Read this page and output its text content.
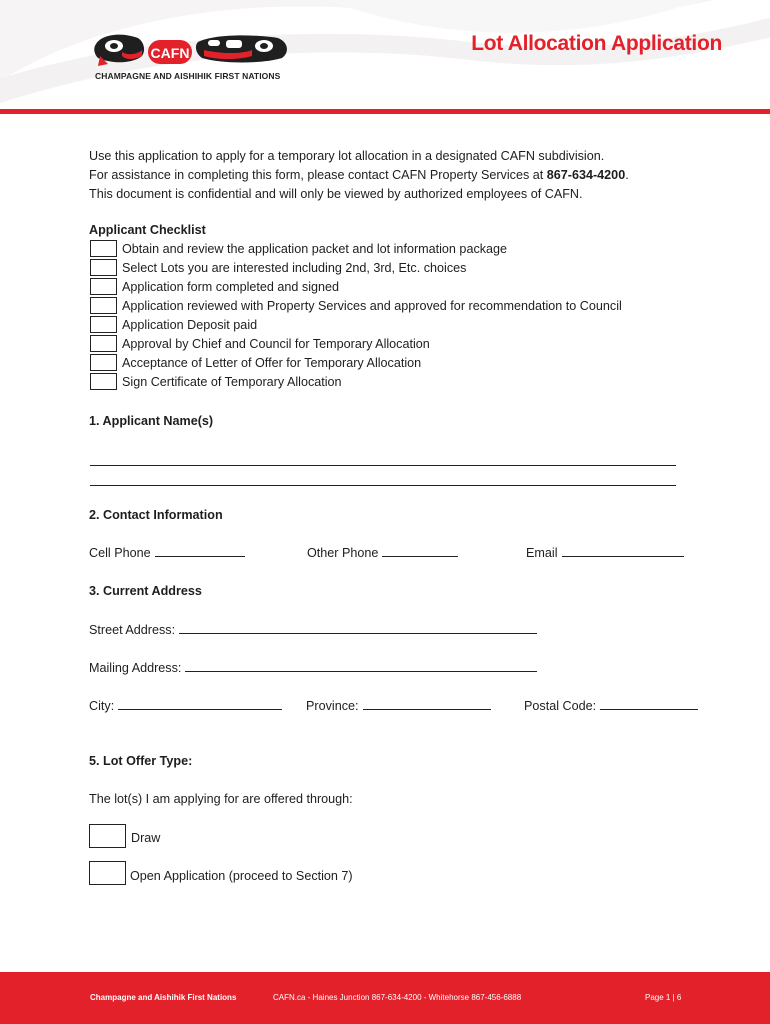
CAFN
CHAMPAGNE AND AISHIHIK FIRST NATIONS
Lot Allocation Application
Use this application to apply for a temporary lot allocation in a designated CAFN subdivision.
For assistance in completing this form, please contact CAFN Property Services at 867-634-4200.
This document is confidential and will only be viewed by authorized employees of CAFN.
Applicant Checklist
Obtain and review the application packet and lot information package
Select Lots you are interested including 2nd, 3rd, Etc. choices
Application form completed and signed
Application reviewed with Property Services and approved for recommendation to Council
Application Deposit paid
Approval by Chief and Council for Temporary Allocation
Acceptance of Letter of Offer for Temporary Allocation
Sign Certificate of Temporary Allocation
1. Applicant Name(s)
2. Contact Information
Cell Phone	Other Phone	Email
3. Current Address
Street Address:
Mailing Address:
City:	Province:	Postal Code:
5. Lot Offer Type:
The lot(s) I am applying for are offered through:
Draw
Open Application (proceed to Section 7)
Champagne and Aishihik First Nations	CAFN.ca - Haines Junction 867-634-4200 - Whitehorse 867-456-6888	Page 1 | 6
